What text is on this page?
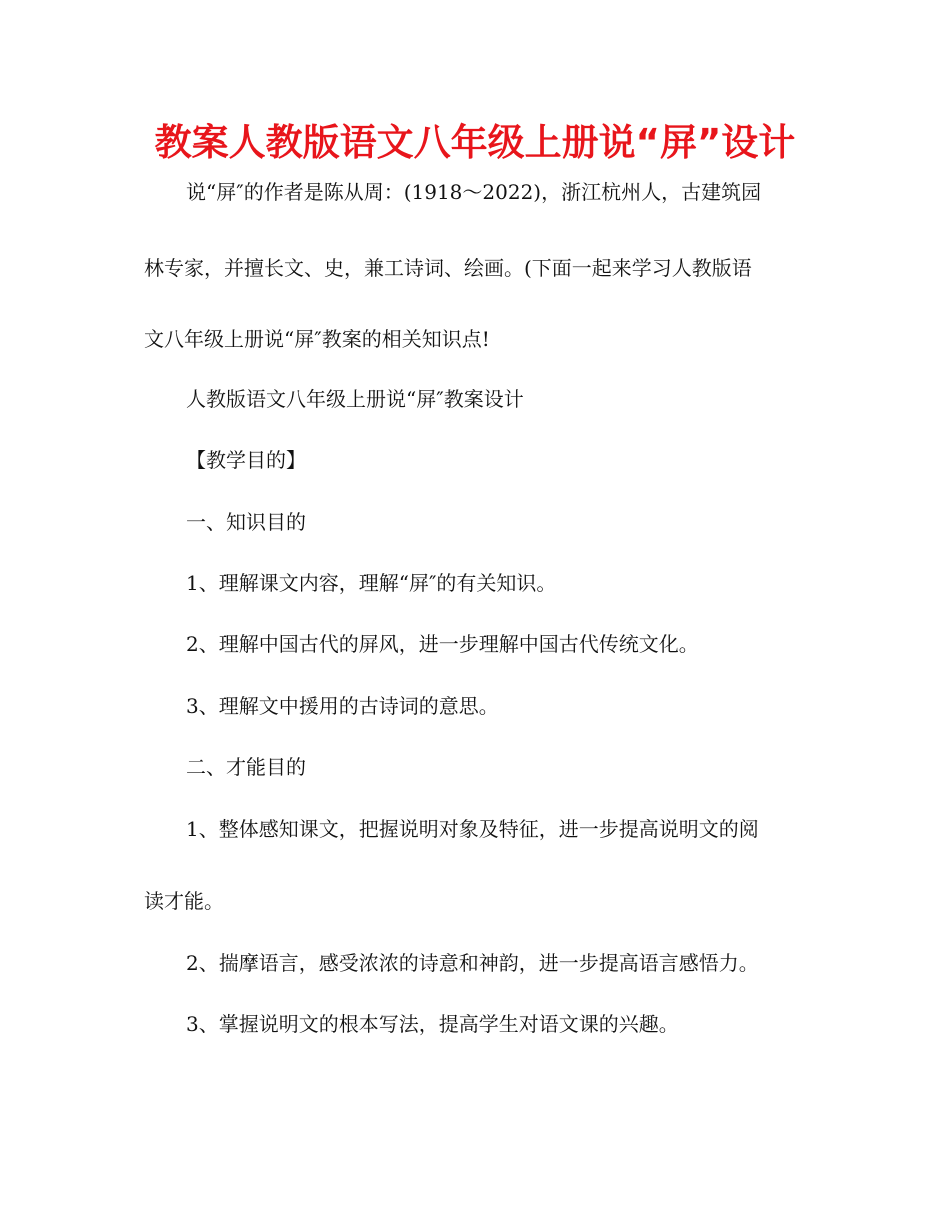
教案人教版语文八年级上册说“屏”设计
说“屏″的作者是陈从周：(1918～2022)，浙江杭州人，古建筑园
林专家，并擅长文、史，兼工诗词、绘画。(下面一起来学习人教版语
文八年级上册说“屏″教案的相关知识点!
人教版语文八年级上册说“屏″教案设计
【教学目的】
一、知识目的
1、理解课文内容，理解“屏″的有关知识。
2、理解中国古代的屏风，进一步理解中国古代传统文化。
3、理解文中援用的古诗词的意思。
二、才能目的
1、整体感知课文，把握说明对象及特征，进一步提高说明文的阅
读才能。
2、揣摩语言，感受浓浓的诗意和神韵，进一步提高语言感悟力。
3、掌握说明文的根本写法，提高学生对语文课的兴趣。
